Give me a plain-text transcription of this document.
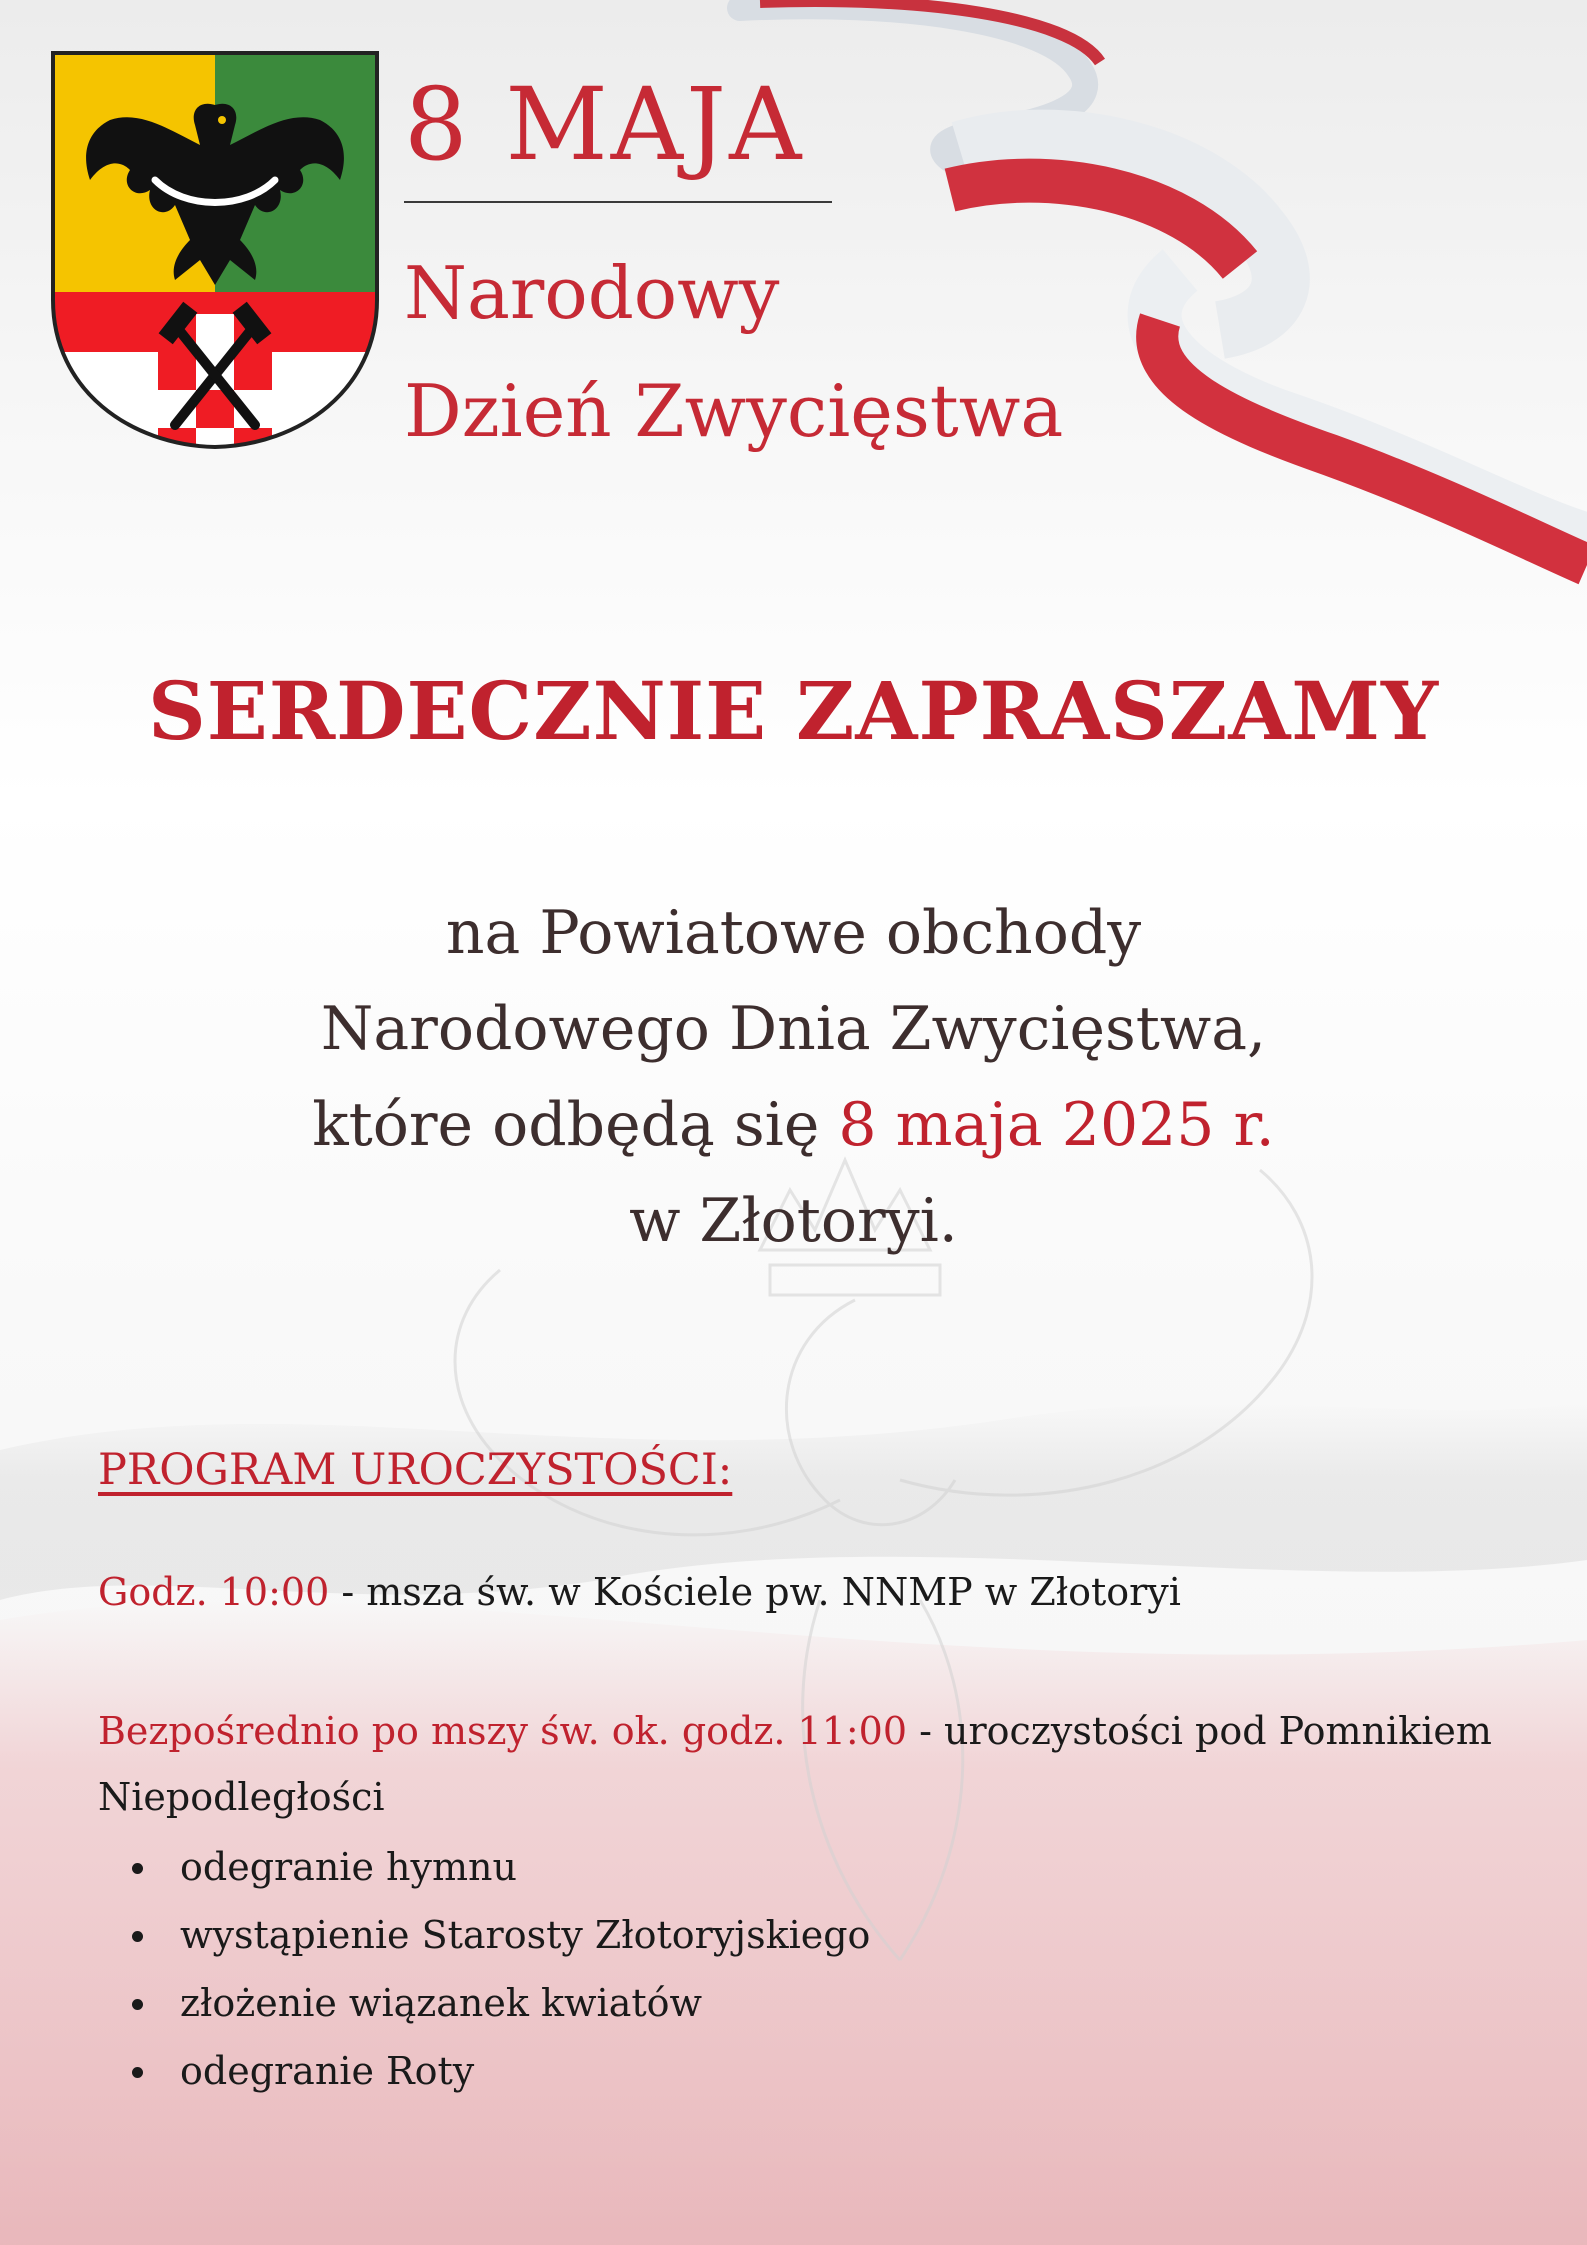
8 MAJA
Narodowy
Dzień Zwycięstwa
SERDECZNIE ZAPRASZAMY

na Powiatowe obchody
Narodowego Dnia Zwycięstwa,
które odbędą się 8 maja 2025 r.
w Złotoryi.

PROGRAM UROCZYSTOŚCI:

Godz. 10:00 - msza św. w Kościele pw. NNMP w Złotoryi

Bezpośrednio po mszy św. ok. godz. 11:00 - uroczystości pod Pomnikiem Niepodległości

odegranie hymnu
wystąpienie Starosty Złotoryjskiego
złożenie wiązanek kwiatów
odegranie Roty
